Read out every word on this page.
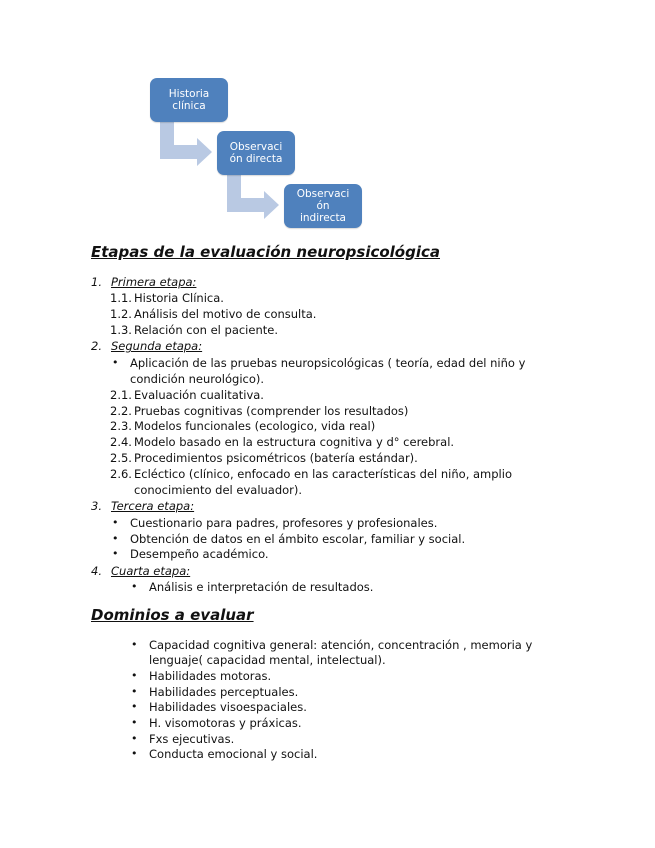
Historia
clínica
Observaci
ón directa
Observaci
ón
indirecta
Etapas de la evaluación neuropsicológica
1. Primera etapa:
1.1. Historia Clínica.
1.2. Análisis del motivo de consulta.
1.3. Relación con el paciente.
2. Segunda etapa:
• Aplicación de las pruebas neuropsicológicas ( teoría, edad del niño y
condición neurológico).
2.1. Evaluación cualitativa.
2.2. Pruebas cognitivas (comprender los resultados)
2.3. Modelos funcionales (ecologico, vida real)
2.4. Modelo basado en la estructura cognitiva y d° cerebral.
2.5. Procedimientos psicométricos (batería estándar).
2.6. Ecléctico (clínico, enfocado en las características del niño, amplio
conocimiento del evaluador).
3. Tercera etapa:
• Cuestionario para padres, profesores y profesionales.
• Obtención de datos en el ámbito escolar, familiar y social.
• Desempeño académico.
4. Cuarta etapa:
• Análisis e interpretación de resultados.
Dominios a evaluar
• Capacidad cognitiva general: atención, concentración , memoria y
lenguaje( capacidad mental, intelectual).
• Habilidades motoras.
• Habilidades perceptuales.
• Habilidades visoespaciales.
• H. visomotoras y práxicas.
• Fxs ejecutivas.
• Conducta emocional y social.
